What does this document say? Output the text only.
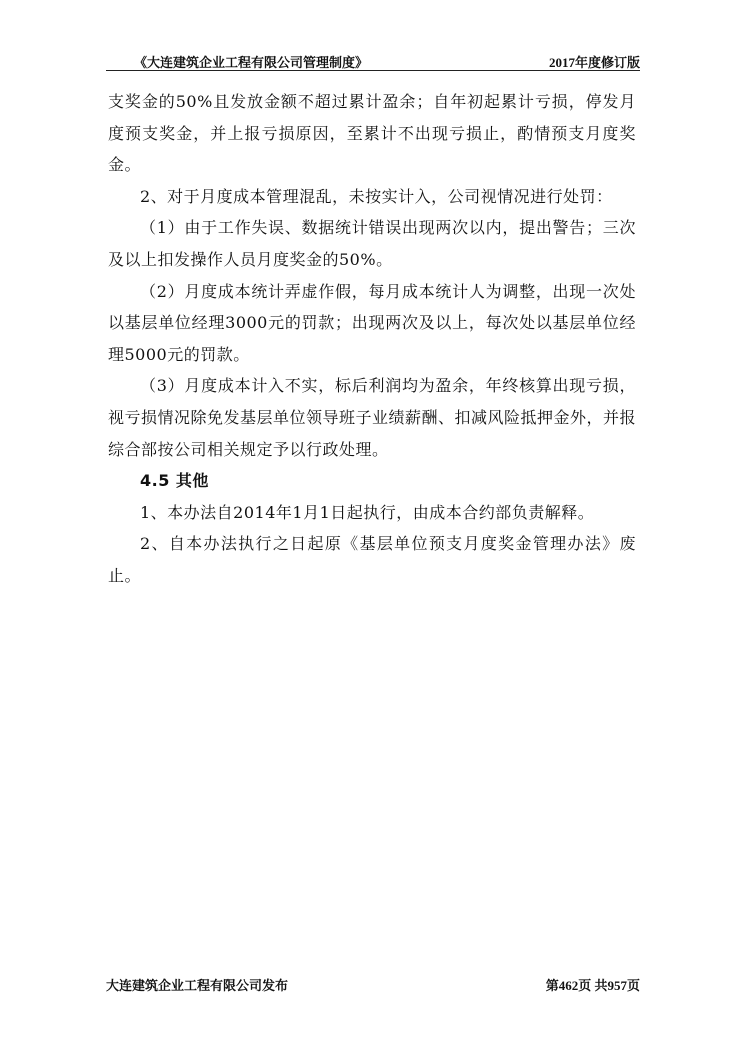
《大连建筑企业工程有限公司管理制度》	2017年度修订版

支奖金的50%且发放金额不超过累计盈余；自年初起累计亏损，停发月度预支奖金，并上报亏损原因，至累计不出现亏损止，酌情预支月度奖金。

2、对于月度成本管理混乱，未按实计入，公司视情况进行处罚：

（1）由于工作失误、数据统计错误出现两次以内，提出警告；三次及以上扣发操作人员月度奖金的50%。

（2）月度成本统计弄虚作假，每月成本统计人为调整，出现一次处以基层单位经理3000元的罚款；出现两次及以上，每次处以基层单位经理5000元的罚款。

（3）月度成本计入不实，标后利润均为盈余，年终核算出现亏损，视亏损情况除免发基层单位领导班子业绩薪酬、扣减风险抵押金外，并报综合部按公司相关规定予以行政处理。

4.5 其他

1、本办法自2014年1月1日起执行，由成本合约部负责解释。

2、自本办法执行之日起原《基层单位预支月度奖金管理办法》废止。

大连建筑企业工程有限公司发布	第462页 共957页
